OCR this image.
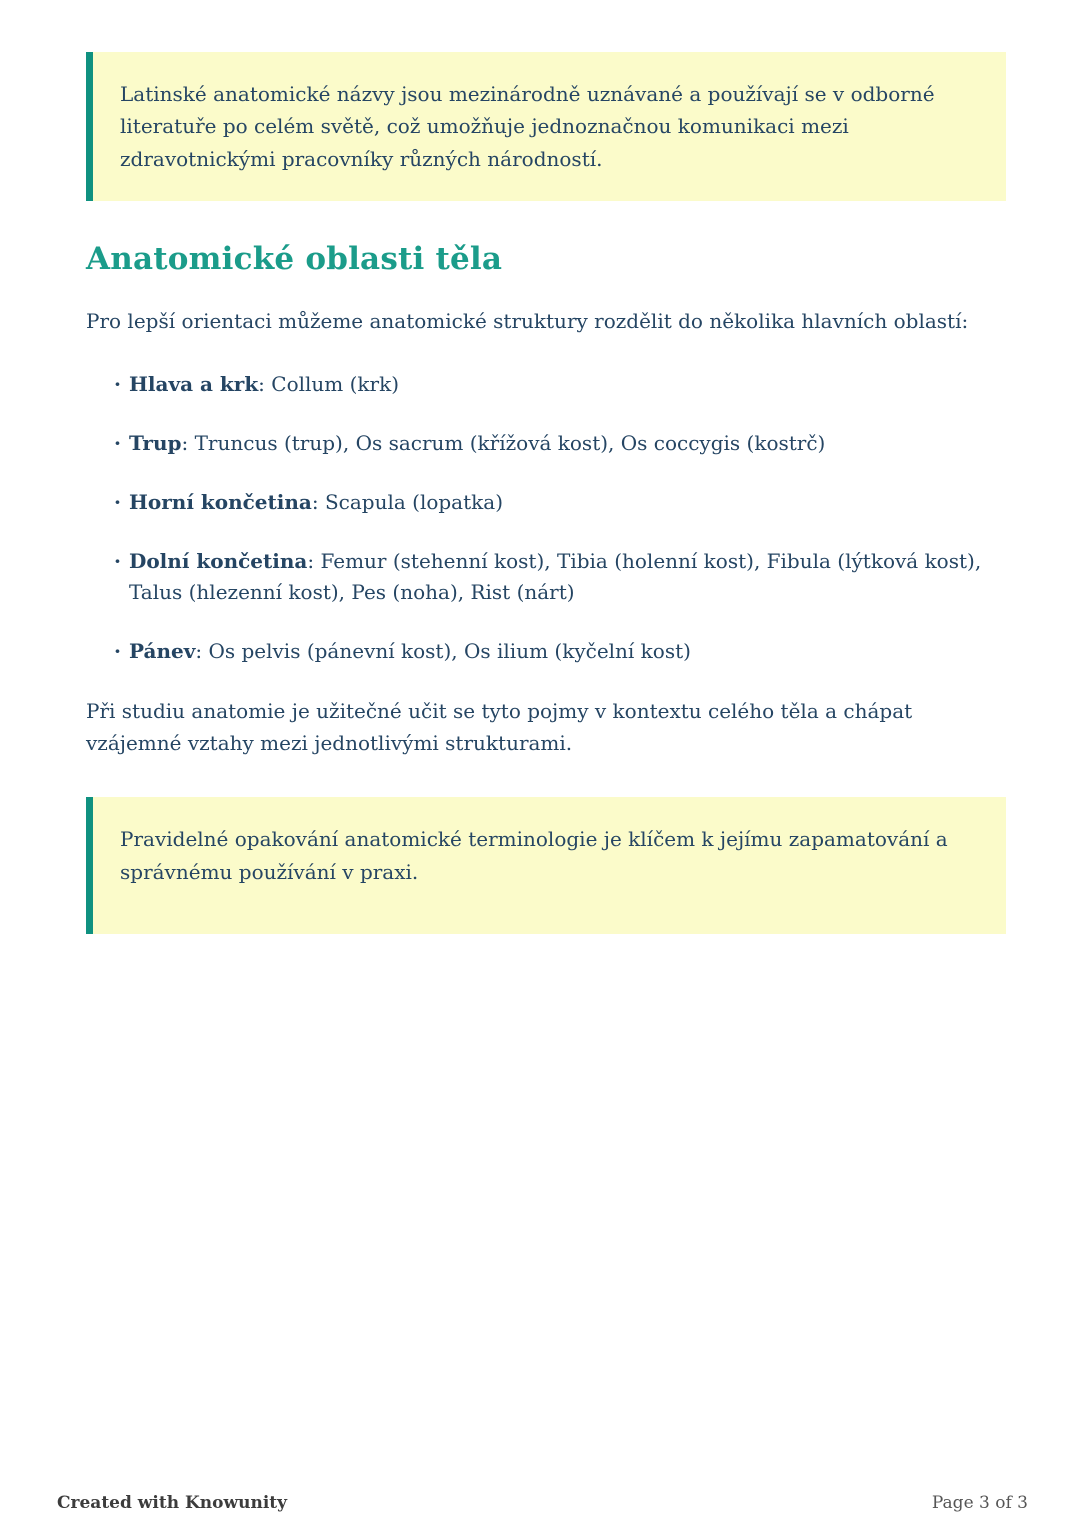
Latinské anatomické názvy jsou mezinárodně uznávané a používají se v odborné literatuře po celém světě, což umožňuje jednoznačnou komunikaci mezi zdravotnickými pracovníky různých národností.

Anatomické oblasti těla

Pro lepší orientaci můžeme anatomické struktury rozdělit do několika hlavních oblastí:

· Hlava a krk: Collum (krk)
· Trup: Truncus (trup), Os sacrum (křížová kost), Os coccygis (kostrč)
· Horní končetina: Scapula (lopatka)
· Dolní končetina: Femur (stehenní kost), Tibia (holenní kost), Fibula (lýtková kost), Talus (hlezenní kost), Pes (noha), Rist (nárt)
· Pánev: Os pelvis (pánevní kost), Os ilium (kyčelní kost)

Při studiu anatomie je užitečné učit se tyto pojmy v kontextu celého těla a chápat vzájemné vztahy mezi jednotlivými strukturami.

Pravidelné opakování anatomické terminologie je klíčem k jejímu zapamatování a správnému používání v praxi.

Created with Knowunity	Page 3 of 3
